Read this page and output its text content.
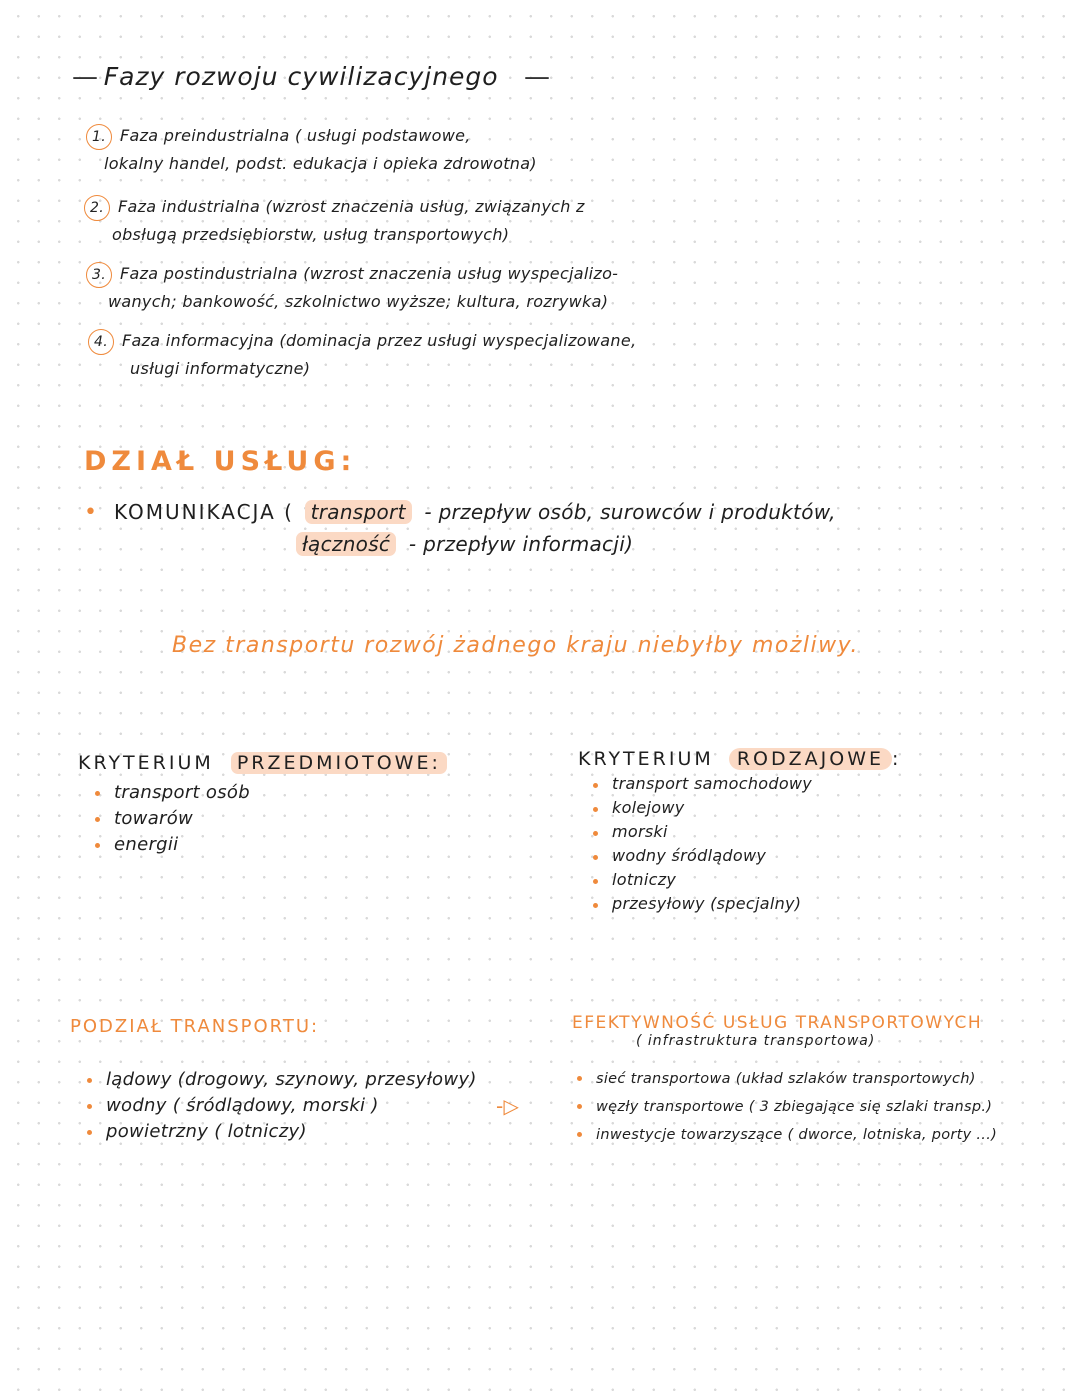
— Fazy rozwoju cywilizacyjnego —
1. Faza preindustrialna ( usługi podstawowe,
lokalny handel, podst. edukacja i opieka zdrowotna)
2. Faza industrialna (wzrost znaczenia usług, związanych z
obsługą przedsiębiorstw, usług transportowych)
3. Faza postindustrialna (wzrost znaczenia usług wyspecjalizo-
wanych; bankowość, szkolnictwo wyższe; kultura, rozrywka)
4. Faza informacyjna (dominacja przez usługi wyspecjalizowane,
usługi informatyczne)
DZIAŁ USŁUG:
• KOMUNIKACJA ( transport - przepływ osób, surowców i produktów,
łączność - przepływ informacji)
Bez transportu rozwój żadnego kraju niebyłby możliwy.
KRYTERIUM PRZEDMIOTOWE:
transport osób
towarów
energii
KRYTERIUM RODZAJOWE :
transport samochodowy
kolejowy
morski
wodny śródlądowy
lotniczy
przesyłowy (specjalny)
PODZIAŁ TRANSPORTU:
lądowy (drogowy, szynowy, przesyłowy)
wodny ( śródlądowy, morski )
powietrzny ( lotniczy)
-▷
EFEKTYWNOŚĆ USŁUG TRANSPORTOWYCH
( infrastruktura transportowa)
sieć transportowa (układ szlaków transportowych)
węzły transportowe ( 3 zbiegające się szlaki transp.)
inwestycje towarzyszące ( dworce, lotniska, porty ...)
